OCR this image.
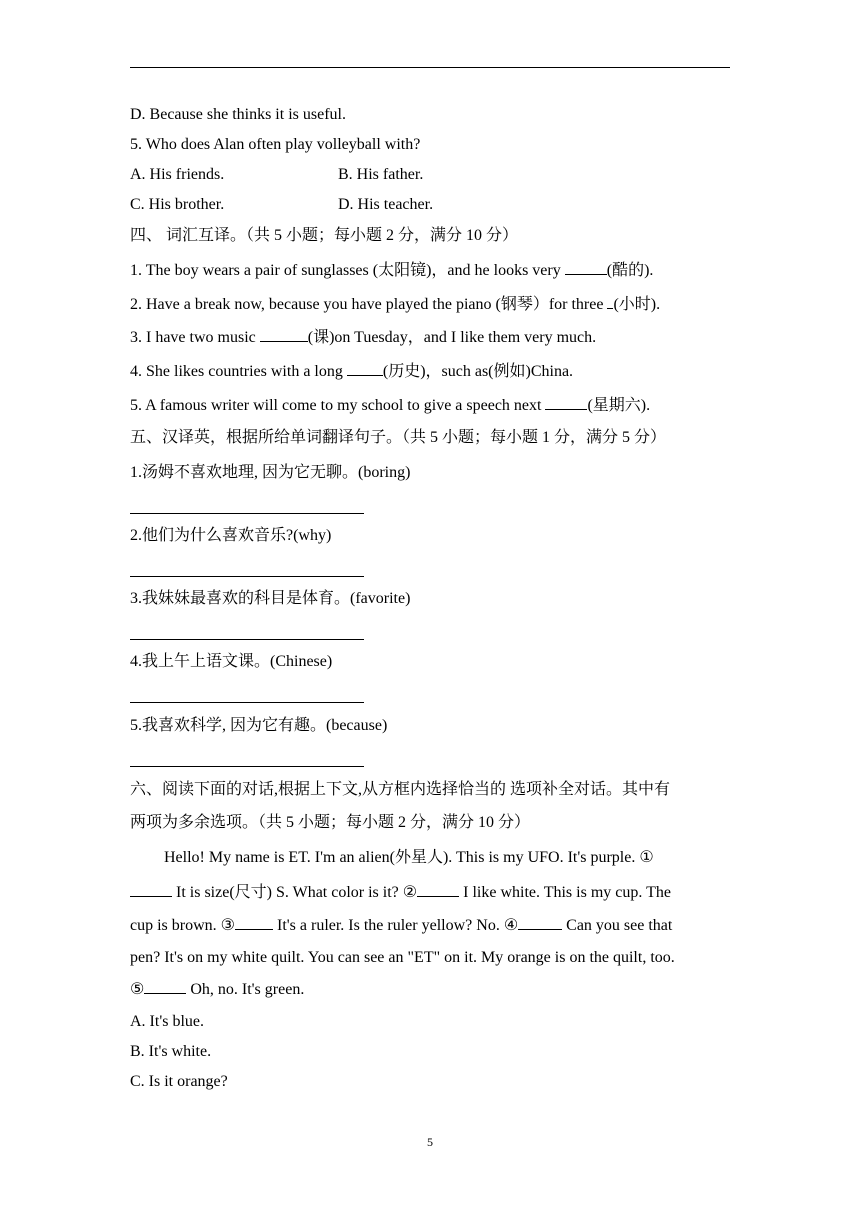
D. Because she thinks it is useful.
5. Who does Alan often play volleyball with?
A. His friends.	B. His father.
C. His brother.	D. His teacher.
四、 词汇互译。（共 5 小题；每小题 2 分，满分 10 分）
1. The boy wears a pair of sunglasses (太阳镜)，and he looks very	(酷的).
2. Have a break now, because you have played the piano (钢琴）for three (小时).
3. I have two music	(课)on Tuesday，and I like them very much.
4. She likes countries with a long (历史)，such as(例如)China.
5. A famous writer will come to my school to give a speech next	(星期六).
五、汉译英，根据所给单词翻译句子。（共 5 小题；每小题 1 分，满分 5 分）
1.汤姆不喜欢地理, 因为它无聊。(boring)
2.他们为什么喜欢音乐?(why)
3.我妹妹最喜欢的科目是体育。(favorite)
4.我上午上语文课。(Chinese)
5.我喜欢科学, 因为它有趣。(because)
六、阅读下面的对话,根据上下文,从方框内选择恰当的 选项补全对话。其中有
两项为多余选项。（共 5 小题；每小题 2 分，满分 10 分）
Hello! My name is ET. I'm an alien(外星人). This is my UFO. It's purple. ①
It is size(尺寸) S. What color is it? ②	I like white. This is my cup. The
cup is brown. ③ It's a ruler. Is the ruler yellow? No. ④	Can you see that
pen? It's on my white quilt. You can see an "ET" on it. My orange is on the quilt, too.
⑤	Oh, no. It's green.
A. It's blue.
B. It's white.
C. Is it orange?
5
